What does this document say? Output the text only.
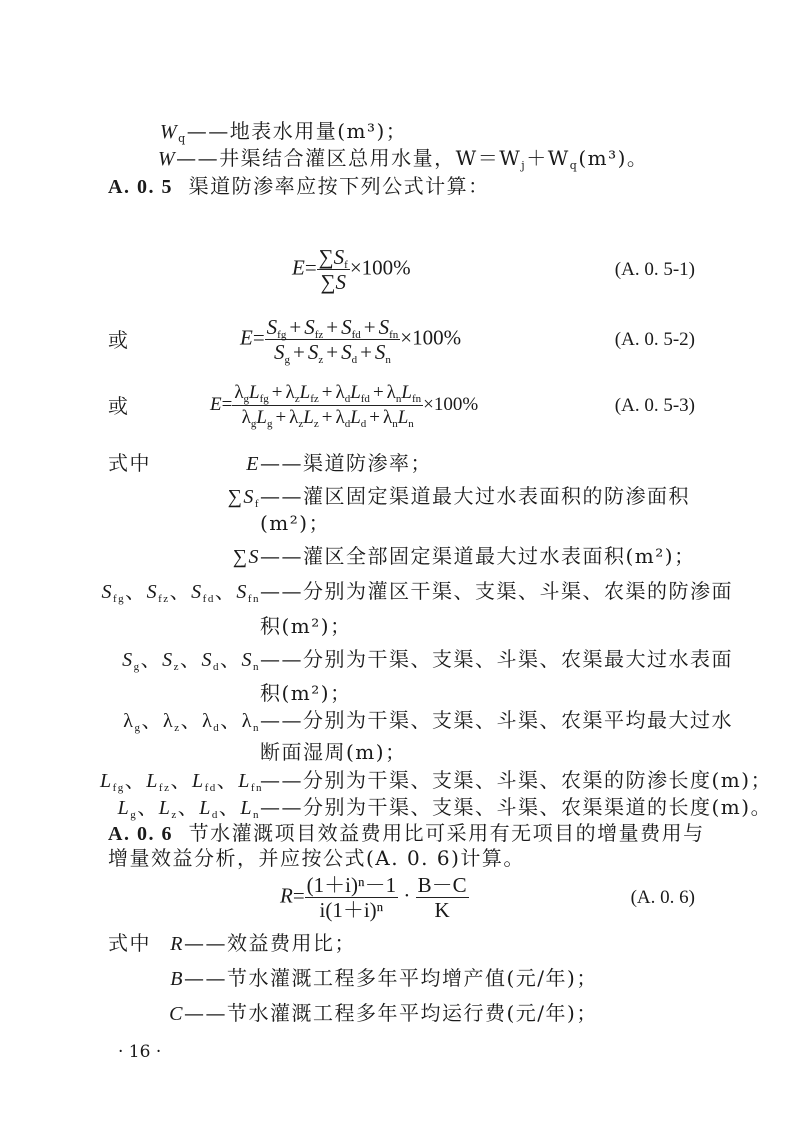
$W_q——$地表水用量(m³)；
W——井渠结合灌区总用水量，$W=W_j+W_q(m^3)$。
A. 0. 5 渠道防渗率应按下列公式计算：
$E= \frac{\sum S_f}{\sum S} \times 100\%$	(A. 0. 5-1)
或	$E= \frac{S_{fg} + S_{fz} + S_{fd} + S_{fn}}{S_g + S_z + S_d + S_n} \times 100\%$	(A. 0. 5-2)
或	$E= \frac{\lambda_gL_{fg} + \lambda_zL_{fz} + \lambda_dL_{fd} + \lambda_nL_{fn}}{\lambda_gL_g + \lambda_zL_z + \lambda_dL_d + \lambda_nL_n} \times 100\%$	(A. 0. 5-3)
式中	E——渠道防渗率；
$\sum S_f——$灌区固定渠道最大过水表面积的防渗面积
(m²)；
∑S——灌区全部固定渠道最大过水表面积(m²)；
$S_{fg}$、$S_{fz}$、$S_{fd}$、$S_{fn}——$分别为灌区干渠、支渠、斗渠、农渠的防渗面
积(m²)；
$S_g$、$S_z$、$S_d$、$S_n——$分别为干渠、支渠、斗渠、农渠最大过水表面
积(m²)；
$\lambda_g$、$\lambda_z$、$\lambda_d$、$\lambda_n——$分别为干渠、支渠、斗渠、农渠平均最大过水
断面湿周(m)；
$L_{fg}$、$L_{fz}$、$L_{fd}$、$L_{fn}——$分别为干渠、支渠、斗渠、农渠的防渗长度(m)；
$L_g$、$L_z$、$L_d$、$L_n——$分别为干渠、支渠、斗渠、农渠渠道的长度(m)。
A. 0. 6 节水灌溉项目效益费用比可采用有无项目的增量费用与
增量效益分析，并应按公式(A. 0. 6)计算。
$R= \frac{\text{(1＋i)ⁿ－1}}{\text{i(1＋i)ⁿ}} \cdot \frac{B-C}{K}$	(A. 0. 6)
式中 R——效益费用比；
B——节水灌溉工程多年平均增产值(元/年)；
C——节水灌溉工程多年平均运行费(元/年)；
· 16 ·
